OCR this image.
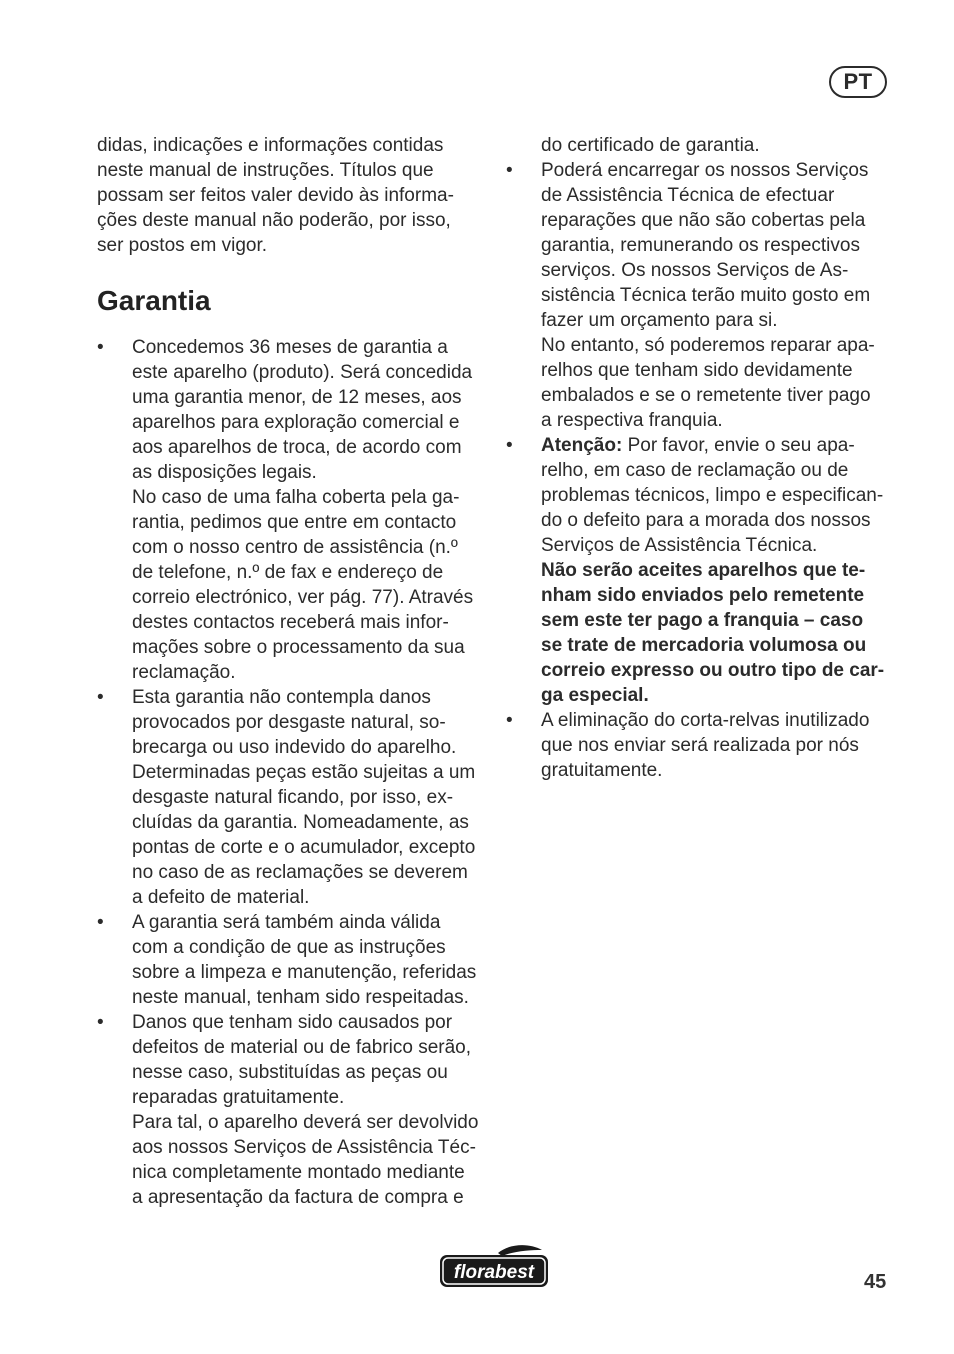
PT

didas, indicações e informações contidas
neste manual de instruções. Títulos que
possam ser feitos valer devido às informa-
ções deste manual não poderão, por isso,
ser postos em vigor.

Garantia
• Concedemos 36 meses de garantia a
este aparelho (produto). Será concedida
uma garantia menor, de 12 meses, aos
aparelhos para exploração comercial e
aos aparelhos de troca, de acordo com
as disposições legais.
No caso de uma falha coberta pela ga-
rantia, pedimos que entre em contacto
com o nosso centro de assistência (n.º
de telefone, n.º de fax e endereço de
correio electrónico, ver pág. 77). Através
destes contactos receberá mais infor-
mações sobre o processamento da sua
reclamação.
• Esta garantia não contempla danos
provocados por desgaste natural, so-
brecarga ou uso indevido do aparelho.
Determinadas peças estão sujeitas a um
desgaste natural ficando, por isso, ex-
cluídas da garantia. Nomeadamente, as
pontas de corte e o acumulador, excepto
no caso de as reclamações se deverem
a defeito de material.
• A garantia será também ainda válida
com a condição de que as instruções
sobre a limpeza e manutenção, referidas
neste manual, tenham sido respeitadas.
• Danos que tenham sido causados por
defeitos de material ou de fabrico serão,
nesse caso, substituídas as peças ou
reparadas gratuitamente.
Para tal, o aparelho deverá ser devolvido
aos nossos Serviços de Assistência Téc-
nica completamente montado mediante
a apresentação da factura de compra e

do certificado de garantia.

• Poderá encarregar os nossos Serviços
de Assistência Técnica de efectuar
reparações que não são cobertas pela
garantia, remunerando os respectivos
serviços. Os nossos Serviços de As-
sistência Técnica terão muito gosto em
fazer um orçamento para si.
No entanto, só poderemos reparar apa-
relhos que tenham sido devidamente
embalados e se o remetente tiver pago
a respectiva franquia.
• Atenção: Por favor, envie o seu apa-
relho, em caso de reclamação ou de
problemas técnicos, limpo e especifican-
do o defeito para a morada dos nossos
Serviços de Assistência Técnica.
Não serão aceites aparelhos que te-
nham sido enviados pelo remetente
sem este ter pago a franquia – caso
se trate de mercadoria volumosa ou
correio expresso ou outro tipo de car-
ga especial.
• A eliminação do corta-relvas inutilizado
que nos enviar será realizada por nós
gratuitamente.
florabest	45
